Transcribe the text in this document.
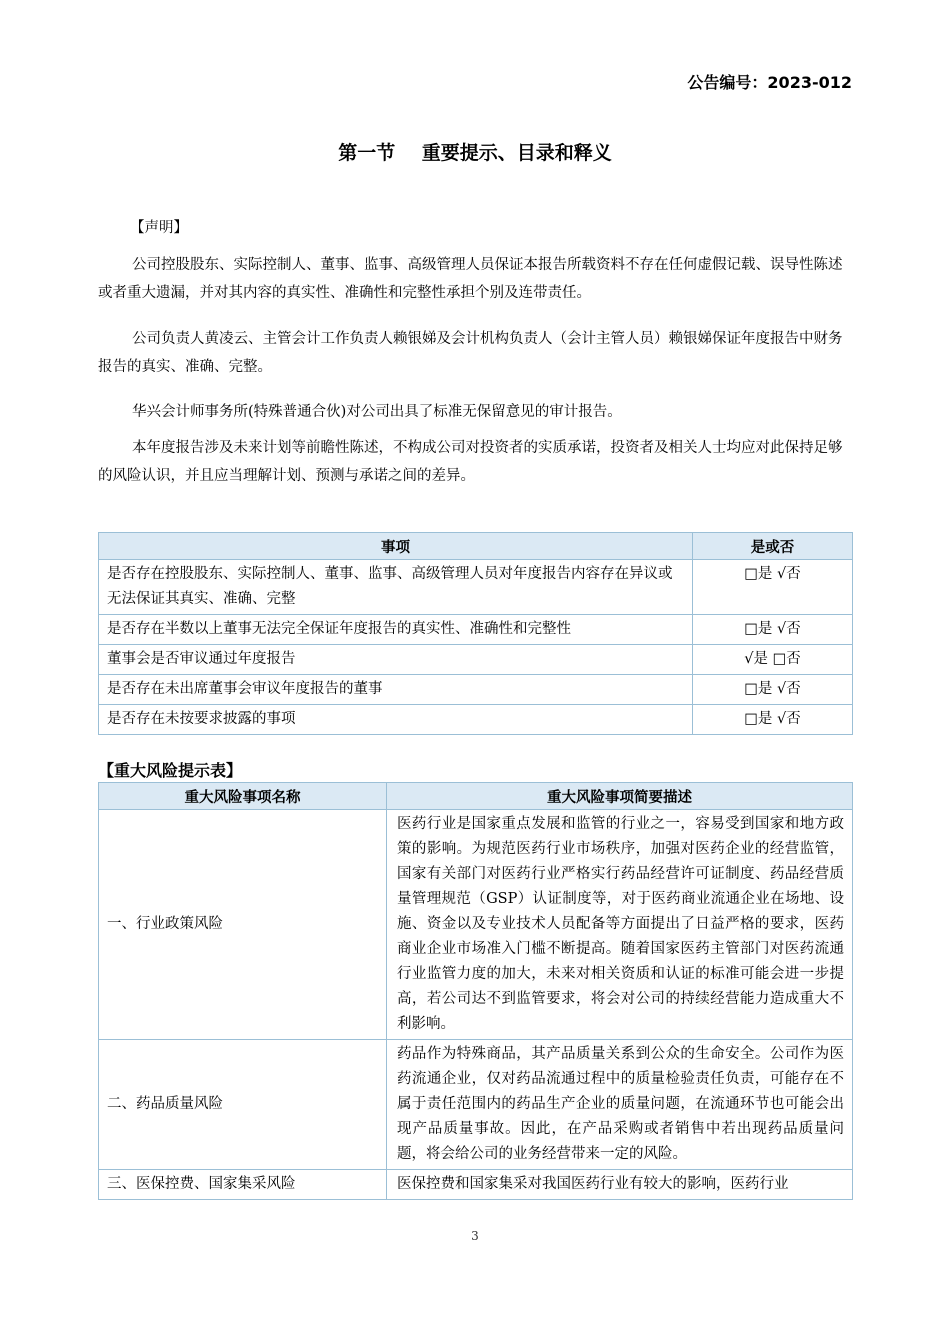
公告编号：2023-012
第一节    重要提示、目录和释义
【声明】

公司控股股东、实际控制人、董事、监事、高级管理人员保证本报告所载资料不存在任何虚假记载、误导性陈述或者重大遗漏，并对其内容的真实性、准确性和完整性承担个别及连带责任。

公司负责人黄凌云、主管会计工作负责人赖银娣及会计机构负责人（会计主管人员）赖银娣保证年度报告中财务报告的真实、准确、完整。

华兴会计师事务所(特殊普通合伙)对公司出具了标准无保留意见的审计报告。

本年度报告涉及未来计划等前瞻性陈述，不构成公司对投资者的实质承诺，投资者及相关人士均应对此保持足够的风险认识，并且应当理解计划、预测与承诺之间的差异。

事项	是或否
是否存在控股股东、实际控制人、董事、监事、高级管理人员对年度报告内容存在异议或无法保证其真实、准确、完整	□是 √否
是否存在半数以上董事无法完全保证年度报告的真实性、准确性和完整性	□是 √否
董事会是否审议通过年度报告	√是 □否
是否存在未出席董事会审议年度报告的董事	□是 √否
是否存在未按要求披露的事项	□是 √否
【重大风险提示表】
重大风险事项名称	重大风险事项简要描述
一、行业政策风险	医药行业是国家重点发展和监管的行业之一，容易受到国家和地方政策的影响。为规范医药行业市场秩序，加强对医药企业的经营监管，国家有关部门对医药行业严格实行药品经营许可证制度、药品经营质量管理规范（GSP）认证制度等，对于医药商业流通企业在场地、设施、资金以及专业技术人员配备等方面提出了日益严格的要求，医药商业企业市场准入门槛不断提高。随着国家医药主管部门对医药流通行业监管力度的加大，未来对相关资质和认证的标准可能会进一步提高，若公司达不到监管要求，将会对公司的持续经营能力造成重大不利影响。
二、药品质量风险	药品作为特殊商品，其产品质量关系到公众的生命安全。公司作为医药流通企业，仅对药品流通过程中的质量检验责任负责，可能存在不属于责任范围内的药品生产企业的质量问题，在流通环节也可能会出现产品质量事故。因此，在产品采购或者销售中若出现药品质量问题，将会给公司的业务经营带来一定的风险。
三、医保控费、国家集采风险	医保控费和国家集采对我国医药行业有较大的影响，医药行业
3
